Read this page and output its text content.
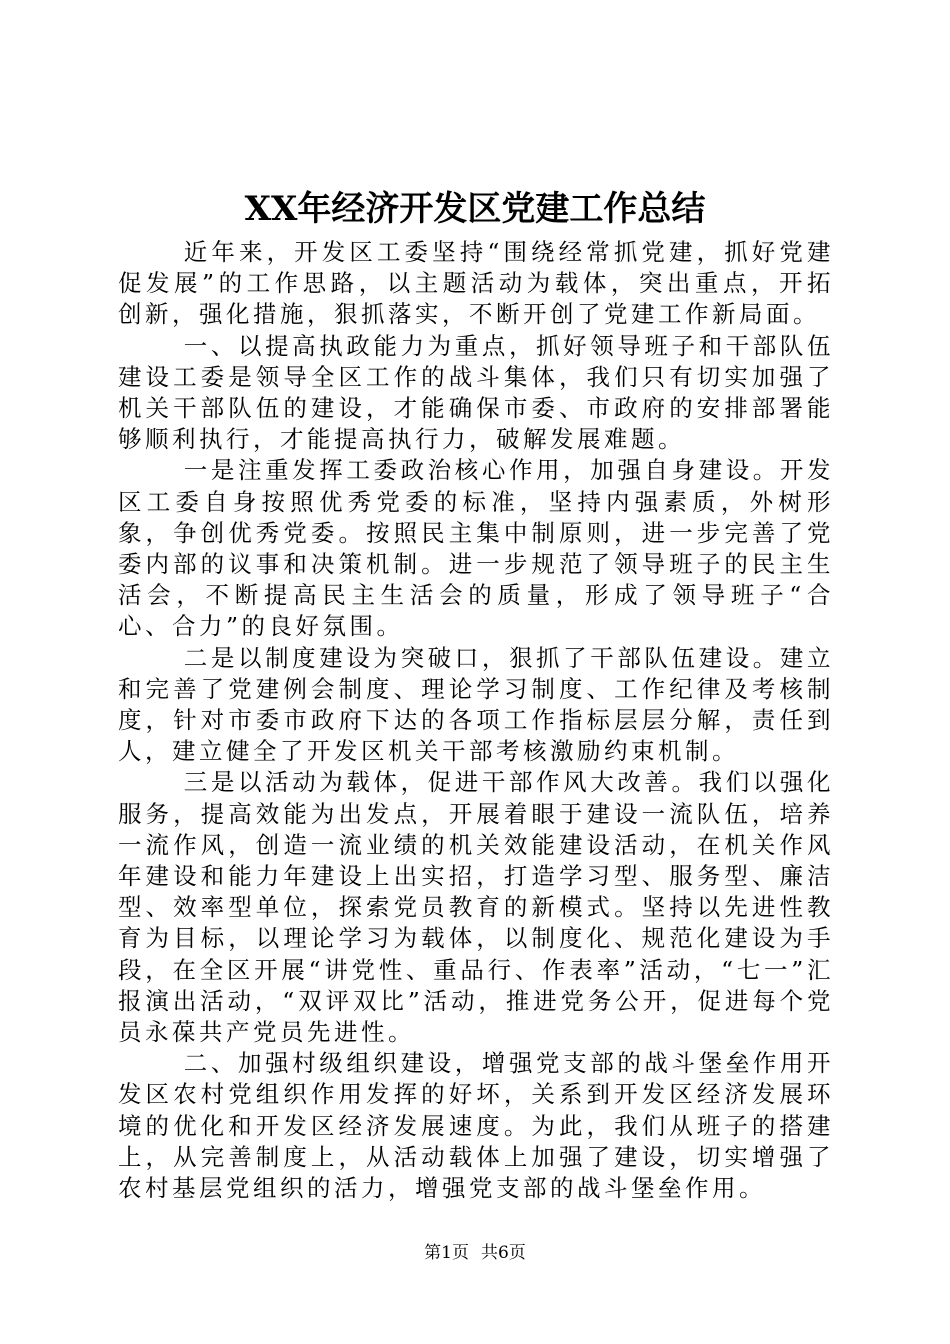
XX年经济开发区党建工作总结

近年来，开发区工委坚持“围绕经常抓党建，抓好党建促发展”的工作思路，以主题活动为载体，突出重点，开拓创新，强化措施，狠抓落实，不断开创了党建工作新局面。

一、以提高执政能力为重点，抓好领导班子和干部队伍建设工委是领导全区工作的战斗集体，我们只有切实加强了机关干部队伍的建设，才能确保市委、市政府的安排部署能够顺利执行，才能提高执行力，破解发展难题。

一是注重发挥工委政治核心作用，加强自身建设。开发区工委自身按照优秀党委的标准，坚持内强素质，外树形象，争创优秀党委。按照民主集中制原则，进一步完善了党委内部的议事和决策机制。进一步规范了领导班子的民主生活会，不断提高民主生活会的质量，形成了领导班子“合心、合力”的良好氛围。

二是以制度建设为突破口，狠抓了干部队伍建设。建立和完善了党建例会制度、理论学习制度、工作纪律及考核制度，针对市委市政府下达的各项工作指标层层分解，责任到人，建立健全了开发区机关干部考核激励约束机制。

三是以活动为载体，促进干部作风大改善。我们以强化服务，提高效能为出发点，开展着眼于建设一流队伍，培养一流作风，创造一流业绩的机关效能建设活动，在机关作风年建设和能力年建设上出实招，打造学习型、服务型、廉洁型、效率型单位，探索党员教育的新模式。坚持以先进性教育为目标，以理论学习为载体，以制度化、规范化建设为手段，在全区开展“讲党性、重品行、作表率”活动，“七一”汇报演出活动，“双评双比”活动，推进党务公开，促进每个党员永葆共产党员先进性。

二、加强村级组织建设，增强党支部的战斗堡垒作用开发区农村党组织作用发挥的好坏，关系到开发区经济发展环境的优化和开发区经济发展速度。为此，我们从班子的搭建上，从完善制度上，从活动载体上加强了建设，切实增强了农村基层党组织的活力，增强党支部的战斗堡垒作用。

第1页 共6页
